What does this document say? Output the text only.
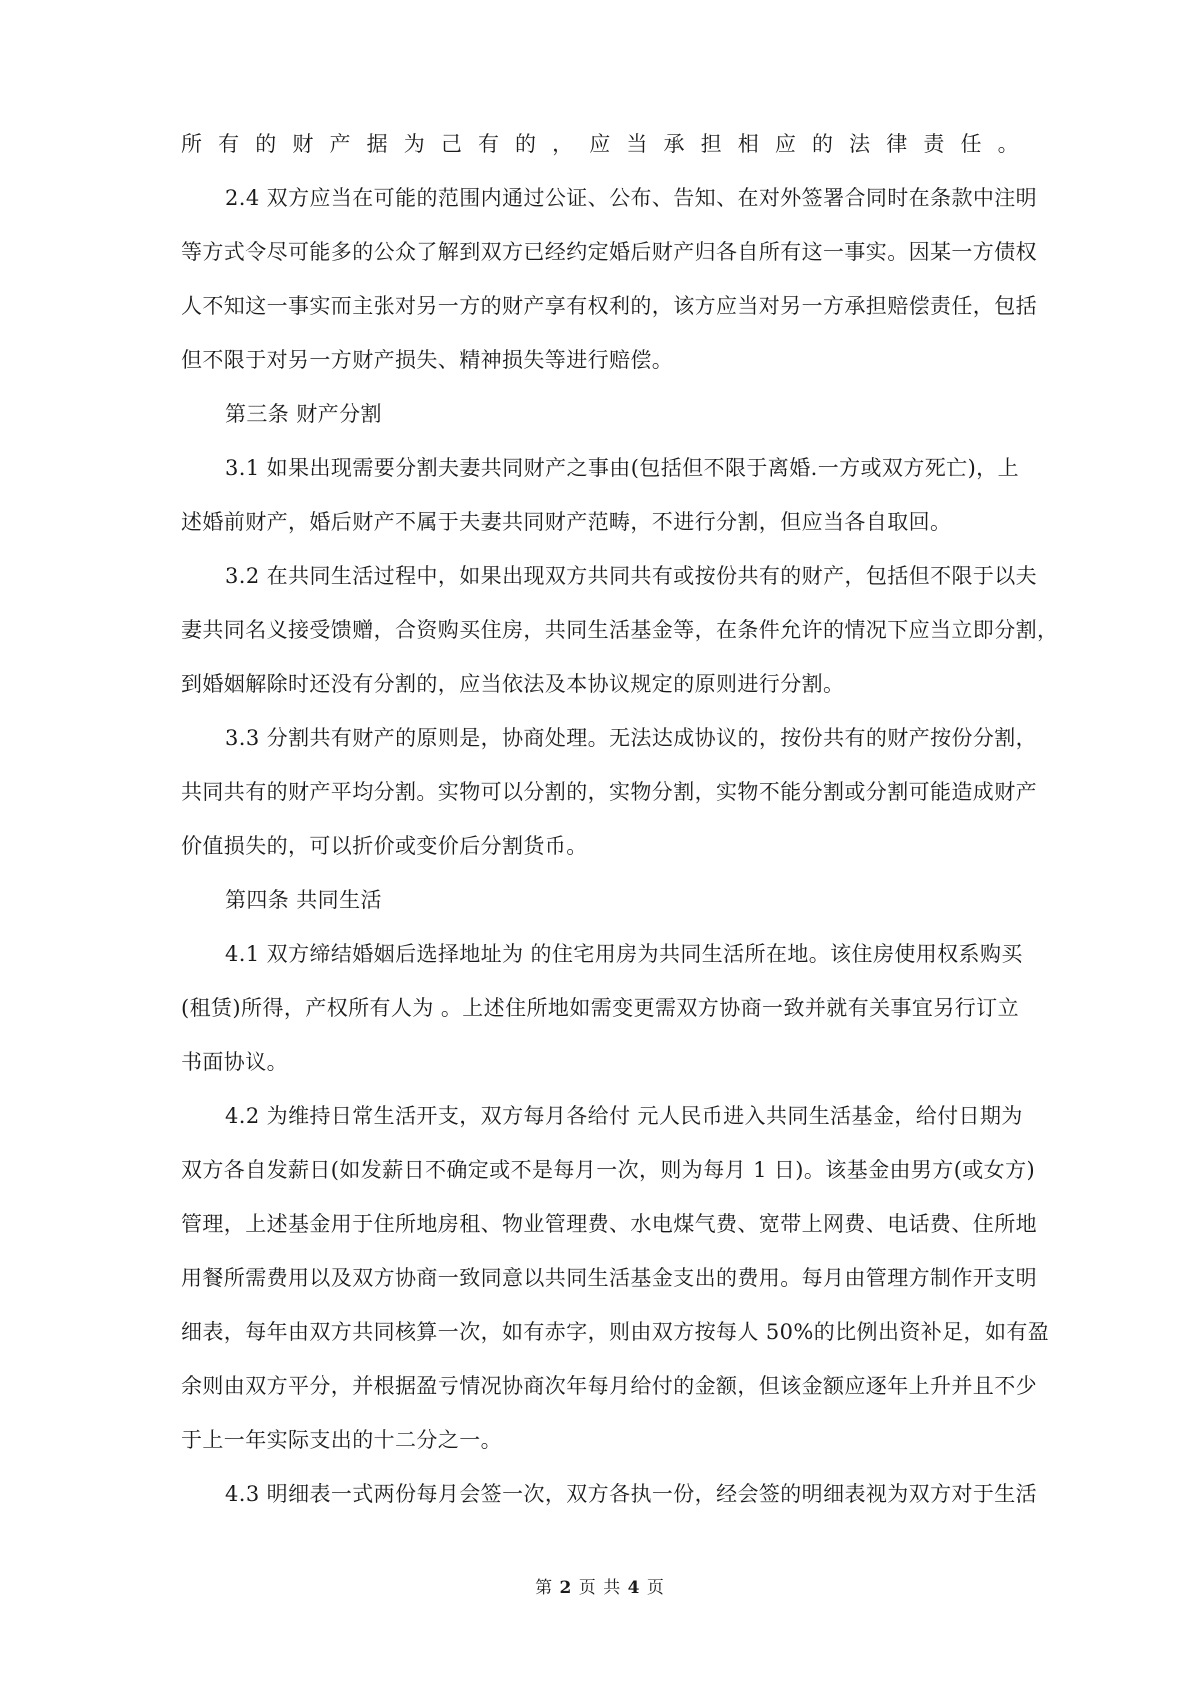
所有的财产据为己有的，应当承担相应的法律责任。
2.4 双方应当在可能的范围内通过公证、公布、告知、在对外签署合同时在条款中注明
等方式令尽可能多的公众了解到双方已经约定婚后财产归各自所有这一事实。因某一方债权
人不知这一事实而主张对另一方的财产享有权利的，该方应当对另一方承担赔偿责任，包括
但不限于对另一方财产损失、精神损失等进行赔偿。
第三条 财产分割
3.1 如果出现需要分割夫妻共同财产之事由(包括但不限于离婚.一方或双方死亡)，上
述婚前财产，婚后财产不属于夫妻共同财产范畴，不进行分割，但应当各自取回。
3.2 在共同生活过程中，如果出现双方共同共有或按份共有的财产，包括但不限于以夫
妻共同名义接受馈赠，合资购买住房，共同生活基金等，在条件允许的情况下应当立即分割，
到婚姻解除时还没有分割的，应当依法及本协议规定的原则进行分割。
3.3 分割共有财产的原则是，协商处理。无法达成协议的，按份共有的财产按份分割，
共同共有的财产平均分割。实物可以分割的，实物分割，实物不能分割或分割可能造成财产
价值损失的，可以折价或变价后分割货币。
第四条 共同生活
4.1 双方缔结婚姻后选择地址为 的住宅用房为共同生活所在地。该住房使用权系购买
(租赁)所得，产权所有人为 。上述住所地如需变更需双方协商一致并就有关事宜另行订立
书面协议。
4.2 为维持日常生活开支，双方每月各给付 元人民币进入共同生活基金，给付日期为
双方各自发薪日(如发薪日不确定或不是每月一次，则为每月 1 日)。该基金由男方(或女方)
管理，上述基金用于住所地房租、物业管理费、水电煤气费、宽带上网费、电话费、住所地
用餐所需费用以及双方协商一致同意以共同生活基金支出的费用。每月由管理方制作开支明
细表，每年由双方共同核算一次，如有赤字，则由双方按每人 50%的比例出资补足，如有盈
余则由双方平分，并根据盈亏情况协商次年每月给付的金额，但该金额应逐年上升并且不少
于上一年实际支出的十二分之一。
4.3 明细表一式两份每月会签一次，双方各执一份，经会签的明细表视为双方对于生活
第 2 页 共 4 页
